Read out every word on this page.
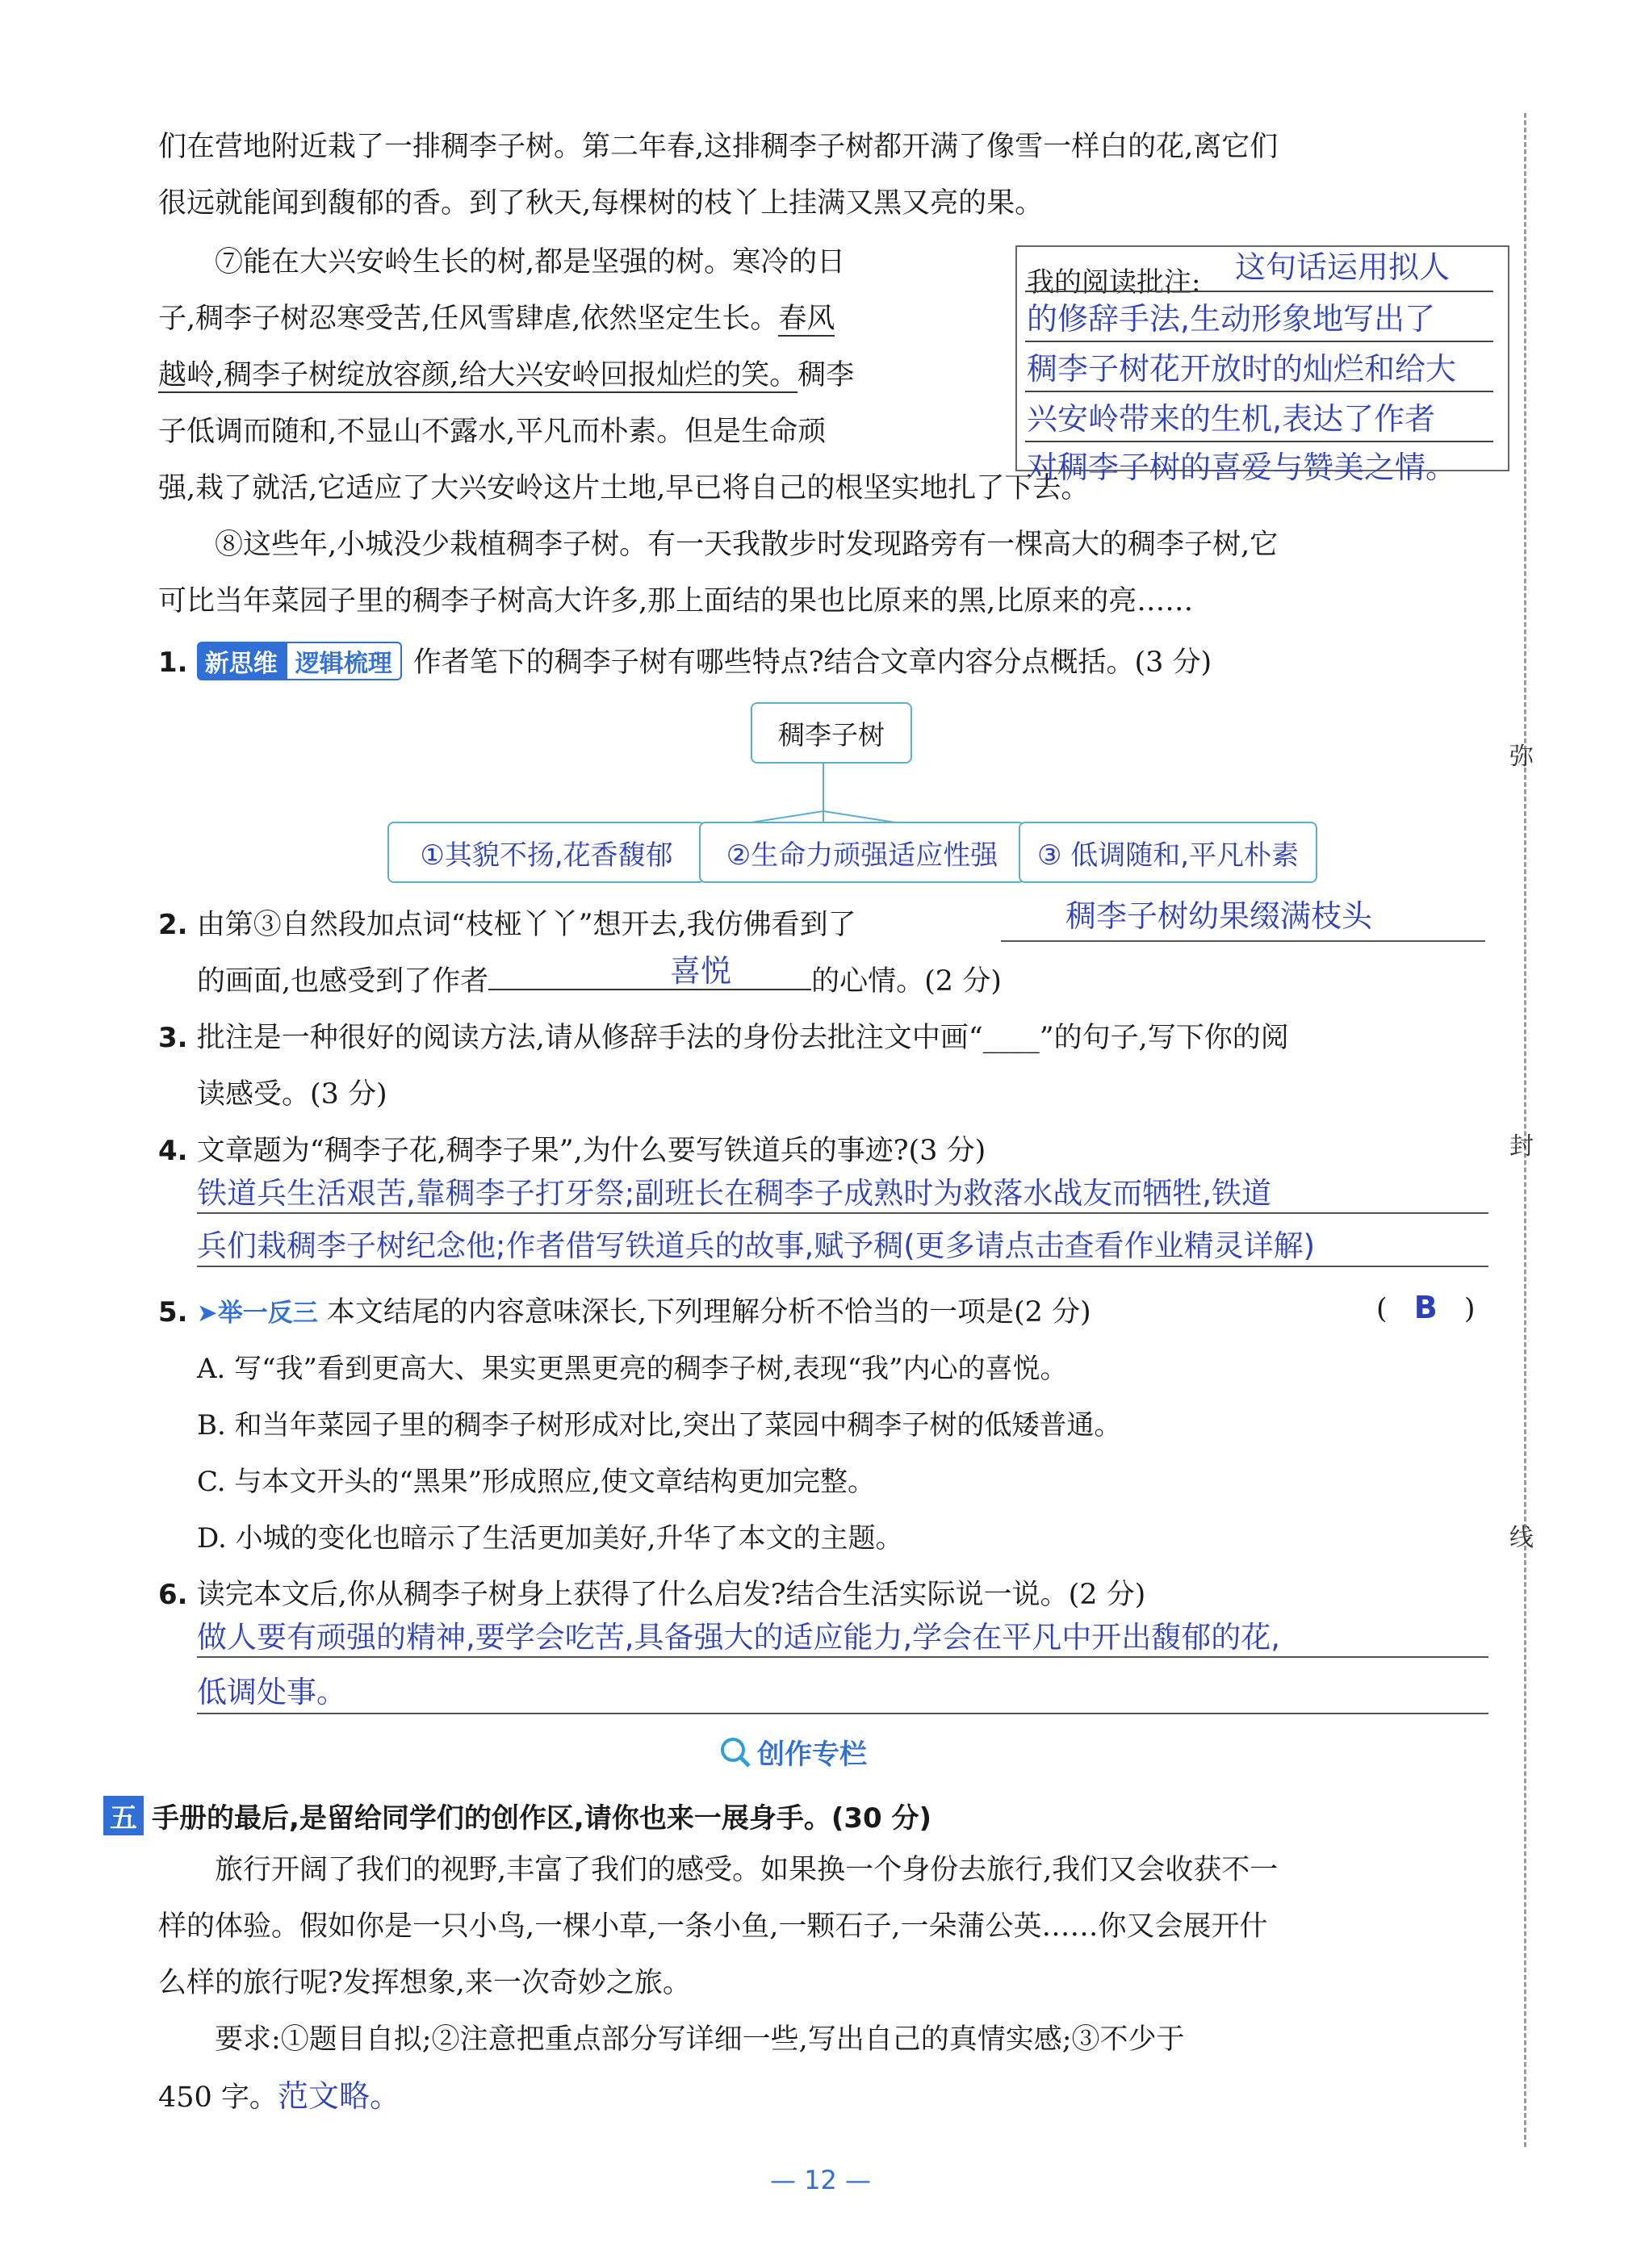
弥
封
线
们在营地附近栽了一排稠李子树。第二年春,这排稠李子树都开满了像雪一样白的花,离它们
很远就能闻到馥郁的香。到了秋天,每棵树的枝丫上挂满又黑又亮的果。
⑦能在大兴安岭生长的树,都是坚强的树。寒冷的日
子,稠李子树忍寒受苦,任风雪肆虐,依然坚定生长。春风
越岭,稠李子树绽放容颜,给大兴安岭回报灿烂的笑。稠李
子低调而随和,不显山不露水,平凡而朴素。但是生命顽
强,栽了就活,它适应了大兴安岭这片土地,早已将自己的根坚实地扎了下去。
我的阅读批注: 这句话运用拟人
的修辞手法,生动形象地写出了
稠李子树花开放时的灿烂和给大
兴安岭带来的生机,表达了作者
对稠李子树的喜爱与赞美之情。
⑧这些年,小城没少栽植稠李子树。有一天我散步时发现路旁有一棵高大的稠李子树,它
可比当年菜园子里的稠李子树高大许多,那上面结的果也比原来的黑,比原来的亮……
1. 新思维 逻辑梳理 作者笔下的稠李子树有哪些特点?结合文章内容分点概括。(3 分)
稠李子树
①其貌不扬,花香馥郁	②生命力顽强适应性强	③ 低调随和,平凡朴素
2. 由第③自然段加点词“枝桠丫丫”想开去,我仿佛看到了	稠李子树幼果缀满枝头
的画面,也感受到了作者	的心情。(2 分)
喜悦
3. 批注是一种很好的阅读方法,请从修辞手法的身份去批注文中画“____”的句子,写下你的阅
读感受。(3 分)
4. 文章题为“稠李子花,稠李子果”,为什么要写铁道兵的事迹?(3 分)
铁道兵生活艰苦,靠稠李子打牙祭;副班长在稠李子成熟时为救落水战友而牺牲,铁道
兵们栽稠李子树纪念他;作者借写铁道兵的故事,赋予稠(更多请点击查看作业精灵详解)
5. ➤举一反三 本文结尾的内容意味深长,下列理解分析不恰当的一项是(2 分)	( B )
A. 写“我”看到更高大、果实更黑更亮的稠李子树,表现“我”内心的喜悦。
B. 和当年菜园子里的稠李子树形成对比,突出了菜园中稠李子树的低矮普通。
C. 与本文开头的“黑果”形成照应,使文章结构更加完整。
D. 小城的变化也暗示了生活更加美好,升华了本文的主题。
6. 读完本文后,你从稠李子树身上获得了什么启发?结合生活实际说一说。(2 分)
做人要有顽强的精神,要学会吃苦,具备强大的适应能力,学会在平凡中开出馥郁的花,
低调处事。
创作专栏
五 手册的最后,是留给同学们的创作区,请你也来一展身手。(30 分)
旅行开阔了我们的视野,丰富了我们的感受。如果换一个身份去旅行,我们又会收获不一
样的体验。假如你是一只小鸟,一棵小草,一条小鱼,一颗石子,一朵蒲公英……你又会展开什
么样的旅行呢?发挥想象,来一次奇妙之旅。
要求:①题目自拟;②注意把重点部分写详细一些,写出自己的真情实感;③不少于
450 字。范文略。
— 12 —
